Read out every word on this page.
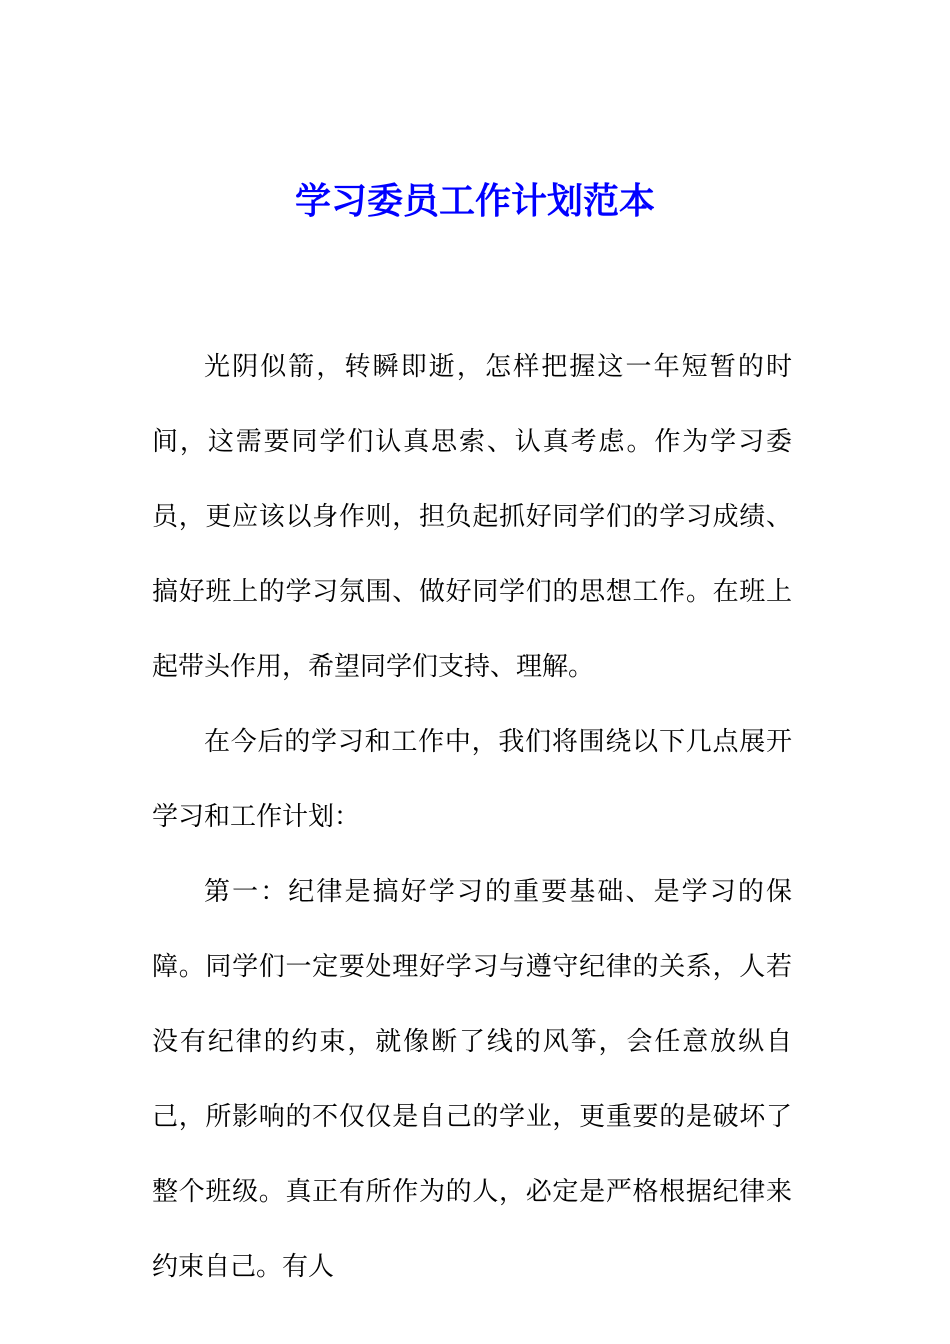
学习委员工作计划范本

光阴似箭，转瞬即逝，怎样把握这一年短暂的时间，这需要同学们认真思索、认真考虑。作为学习委员，更应该以身作则，担负起抓好同学们的学习成绩、搞好班上的学习氛围、做好同学们的思想工作。在班上起带头作用，希望同学们支持、理解。

在今后的学习和工作中，我们将围绕以下几点展开学习和工作计划：

第一：纪律是搞好学习的重要基础、是学习的保障。同学们一定要处理好学习与遵守纪律的关系，人若没有纪律的约束，就像断了线的风筝，会任意放纵自己，所影响的不仅仅是自己的学业，更重要的是破坏了整个班级。真正有所作为的人，必定是严格根据纪律来约束自己。有人
